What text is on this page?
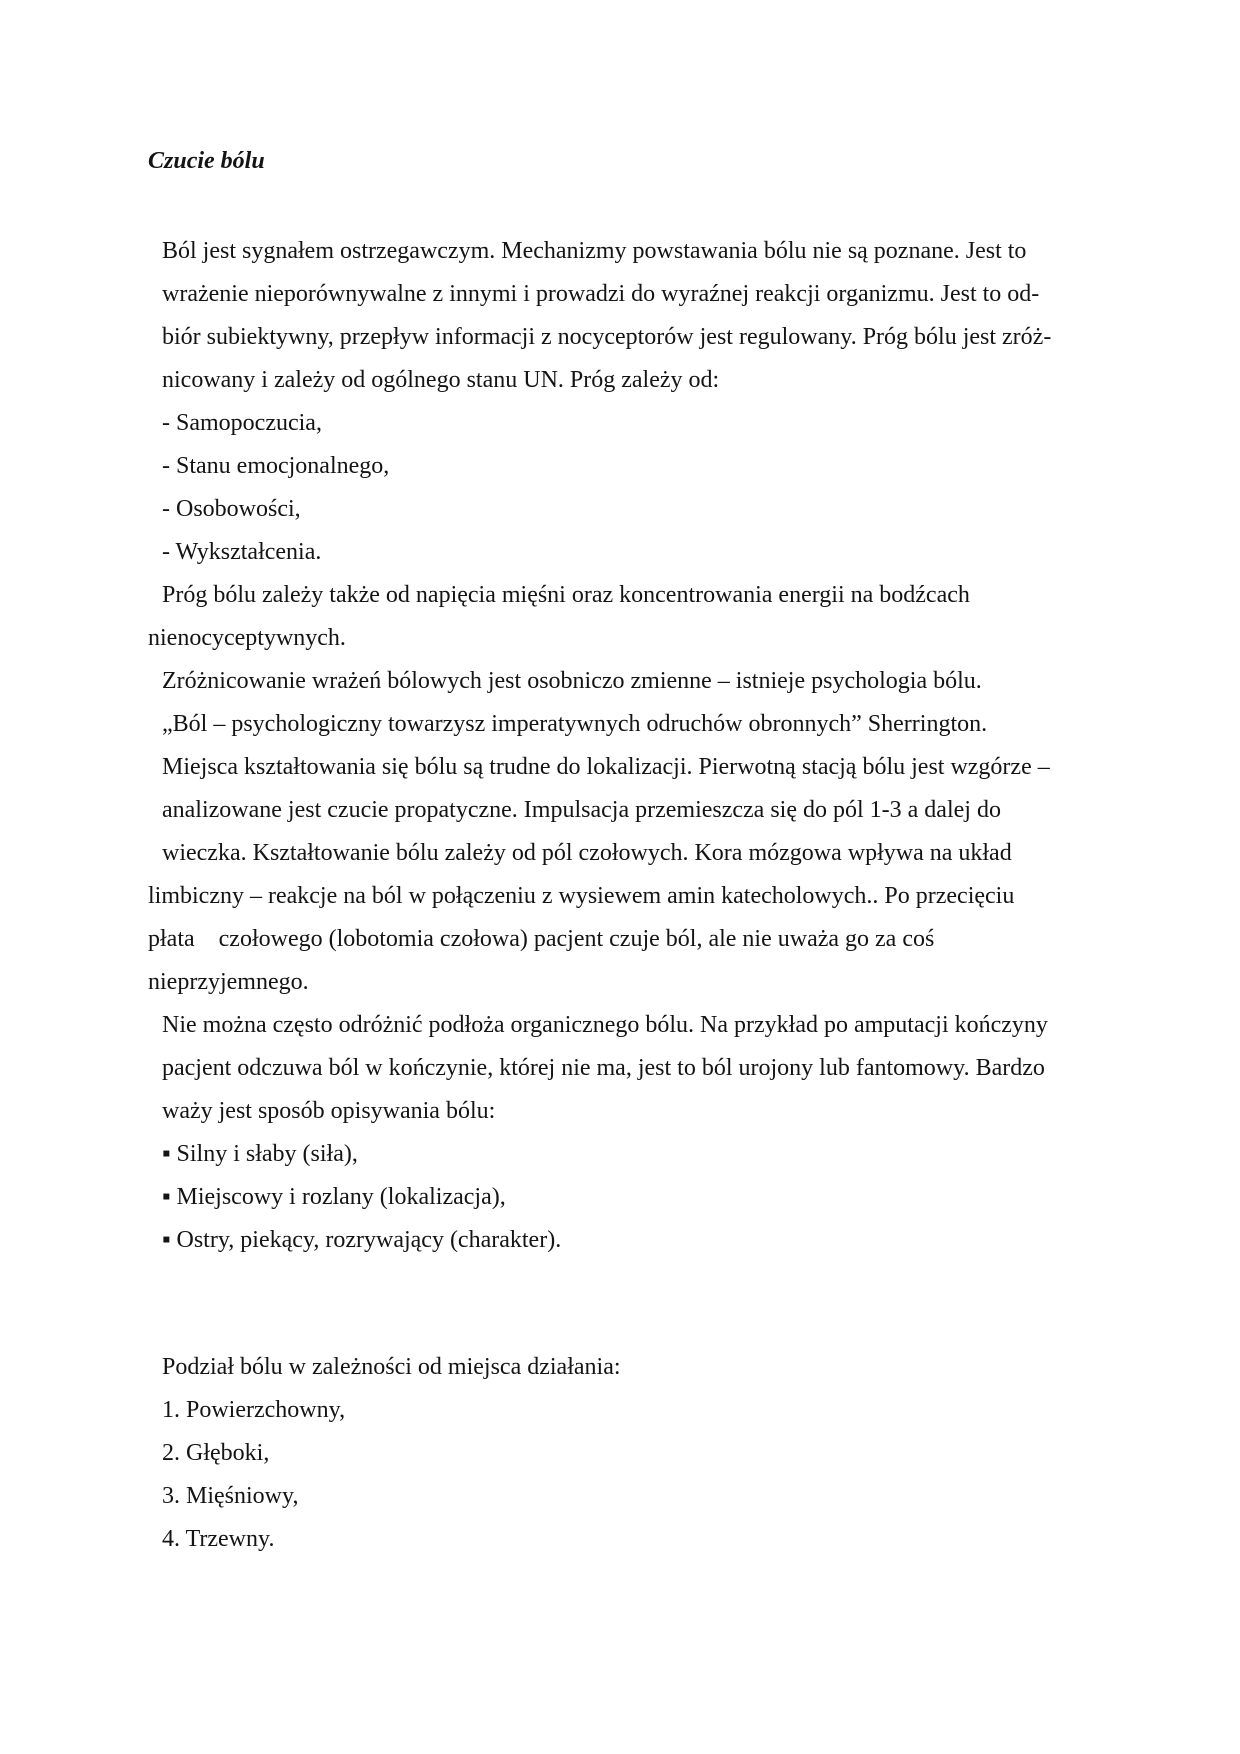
Czucie bólu
Ból jest sygnałem ostrzegawczym. Mechanizmy powstawania bólu nie są poznane. Jest to
wrażenie nieporównywalne z innymi i prowadzi do wyraźnej reakcji organizmu. Jest to od-
biór subiektywny, przepływ informacji z nocyceptorów jest regulowany. Próg bólu jest zróż-
nicowany i zależy od ogólnego stanu UN. Próg zależy od:
- Samopoczucia,
- Stanu emocjonalnego,
- Osobowości,
- Wykształcenia.
Próg bólu zależy także od napięcia mięśni oraz koncentrowania energii na bodźcach
nienocyceptywnych.
Zróżnicowanie wrażeń bólowych jest osobniczo zmienne – istnieje psychologia bólu.
„Ból – psychologiczny towarzysz imperatywnych odruchów obronnych” Sherrington.
Miejsca kształtowania się bólu są trudne do lokalizacji. Pierwotną stacją bólu jest wzgórze –
analizowane jest czucie propatyczne. Impulsacja przemieszcza się do pól 1-3 a dalej do
wieczka. Kształtowanie bólu zależy od pól czołowych. Kora mózgowa wpływa na układ
limbiczny – reakcje na ból w połączeniu z wysiewem amin katecholowych.. Po przecięciu
płata    czołowego (lobotomia czołowa) pacjent czuje ból, ale nie uważa go za coś
nieprzyjemnego.
Nie można często odróżnić podłoża organicznego bólu. Na przykład po amputacji kończyny
pacjent odczuwa ból w kończynie, której nie ma, jest to ból urojony lub fantomowy. Bardzo
waży jest sposób opisywania bólu:
▪ Silny i słaby (siła),
▪ Miejscowy i rozlany (lokalizacja),
▪ Ostry, piekący, rozrywający (charakter).
Podział bólu w zależności od miejsca działania:
1. Powierzchowny,
2. Głęboki,
3. Mięśniowy,
4. Trzewny.
